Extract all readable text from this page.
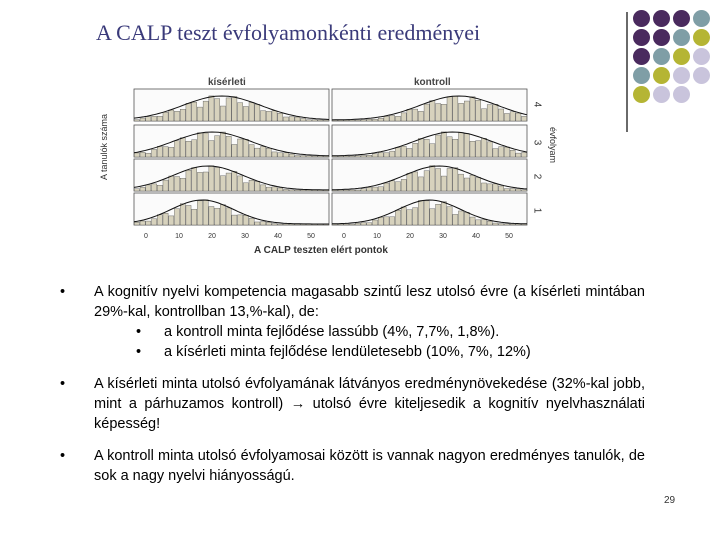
A CALP teszt évfolyamonkénti eredményei
0	10	20	30	40	50	0	10	20	30	40	50
A tanulók száma	évfolyam
kísérleti	kontroll
A CALP teszten elért pontok
4
3
2
1
• A kognitív nyelvi kompetencia magasabb szintű lesz utolsó évre (a kísérleti mintában 29%-kal, kontrollban 13,%-kal), de:
• a kontroll minta fejlődése lassúbb (4%, 7,7%, 1,8%).
• a kísérleti minta fejlődése lendületesebb (10%, 7%, 12%)
• A kísérleti minta utolsó évfolyamának látványos eredménynövekedése (32%-kal jobb, mint a párhuzamos kontroll) → utolsó évre kiteljesedik a kognitív nyelvhasználati képesség!
• A kontroll minta utolsó évfolyamosai között is vannak nagyon eredményes tanulók, de sok a nagy nyelvi hiányosságú.
29
